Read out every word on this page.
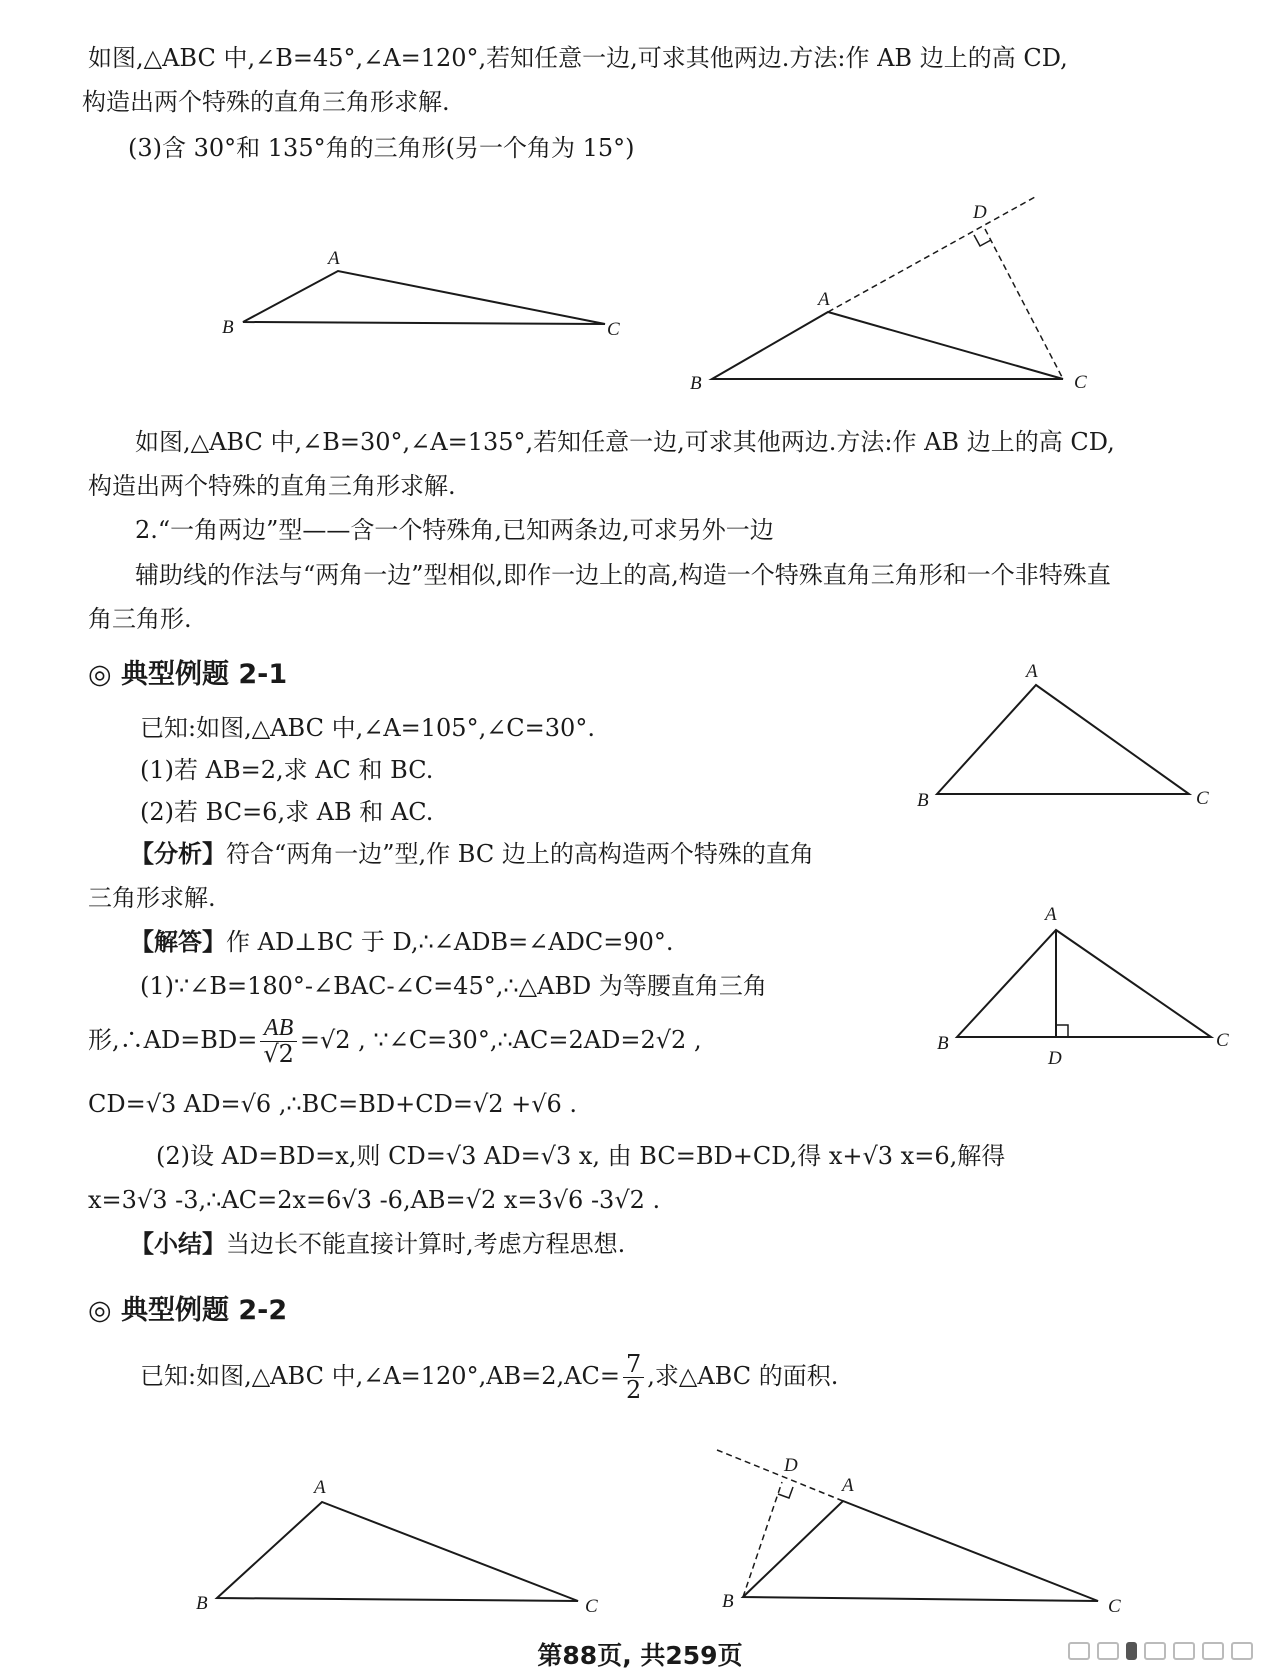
如图,△ABC 中,∠B=45°,∠A=120°,若知任意一边,可求其他两边.方法:作 AB 边上的高 CD,
构造出两个特殊的直角三角形求解.
(3)含 30°和 135°角的三角形(另一个角为 15°)
A
B	C
D
A
B	C
如图,△ABC 中,∠B=30°,∠A=135°,若知任意一边,可求其他两边.方法:作 AB 边上的高 CD,
构造出两个特殊的直角三角形求解.
2.“一角两边”型——含一个特殊角,已知两条边,可求另外一边
辅助线的作法与“两角一边”型相似,即作一边上的高,构造一个特殊直角三角形和一个非特殊直
角三角形.
◎ 典型例题 2-1
已知:如图,△ABC 中,∠A=105°,∠C=30°.
(1)若 AB=2,求 AC 和 BC.
(2)若 BC=6,求 AB 和 AC.
【分析】符合“两角一边”型,作 BC 边上的高构造两个特殊的直角
三角形求解.
【解答】作 AD⊥BC 于 D,∴∠ADB=∠ADC=90°.
(1)∵∠B=180°-∠BAC-∠C=45°,∴△ABD 为等腰直角三角
形,∴AD=BD= $\frac{AB}{√2} =√2$ , ∵∠C=30°,∴AC=2AD=2√2 ,
CD=√3 AD=√6 ,∴BC=BD+CD=√2 +√6 .
(2)设 AD=BD=x,则 CD=√3 AD=√3 x, 由 BC=BD+CD,得 x+√3 x=6,解得
x=3√3 -3,∴AC=2x=6√3 -6,AB=√2 x=3√6 -3√2 .
【小结】当边长不能直接计算时,考虑方程思想.
A
B	C
A
B	C
D
◎ 典型例题 2-2
已知:如图,△ABC 中,∠A=120°,AB=2,AC= $\frac{7}{2}$ ,求△ABC 的面积.
A
B	C
D
A
B	C
第88页, 共259页
